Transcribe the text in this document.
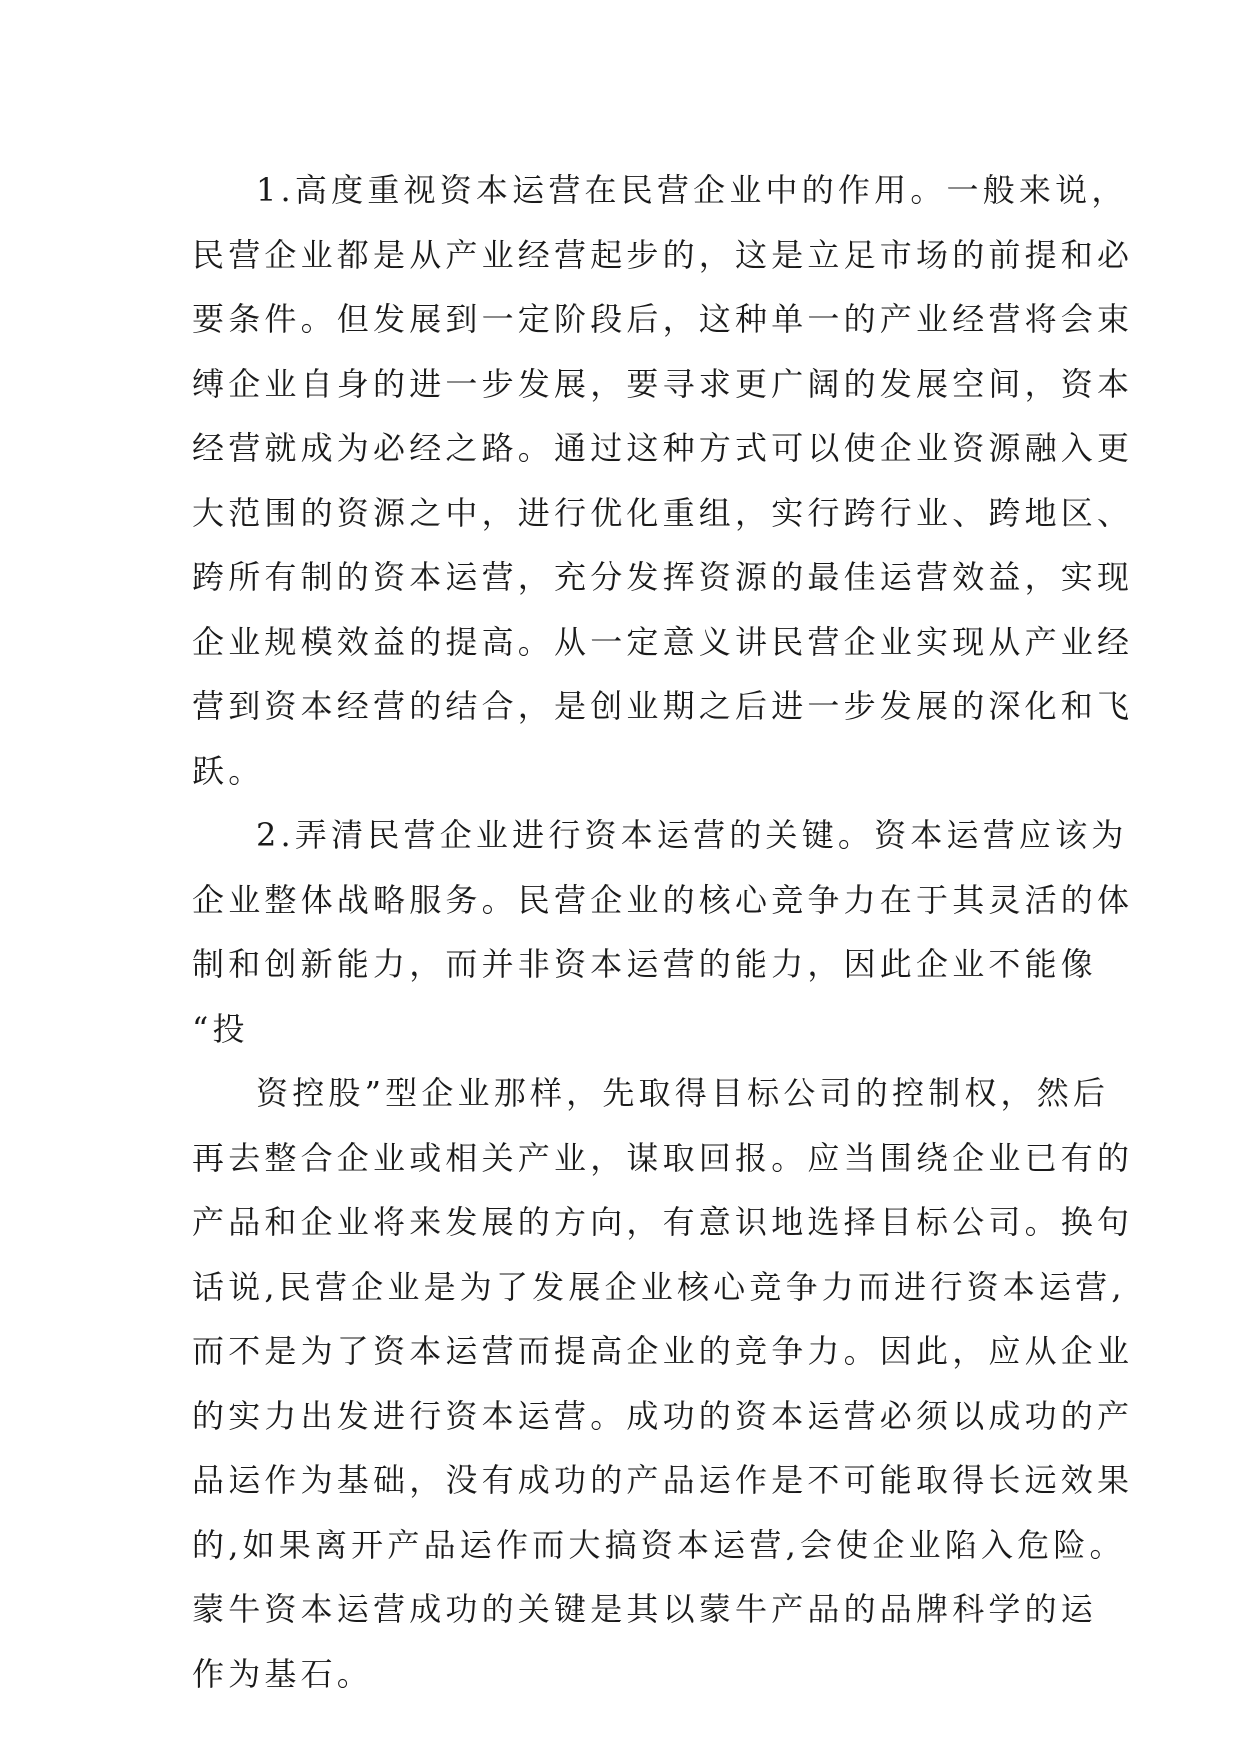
1.高度重视资本运营在民营企业中的作用。一般来说，
民营企业都是从产业经营起步的，这是立足市场的前提和必
要条件。但发展到一定阶段后，这种单一的产业经营将会束
缚企业自身的进一步发展，要寻求更广阔的发展空间，资本
经营就成为必经之路。通过这种方式可以使企业资源融入更
大范围的资源之中，进行优化重组，实行跨行业、跨地区、
跨所有制的资本运营，充分发挥资源的最佳运营效益，实现
企业规模效益的提高。从一定意义讲民营企业实现从产业经
营到资本经营的结合，是创业期之后进一步发展的深化和飞
跃。
2.弄清民营企业进行资本运营的关键。资本运营应该为
企业整体战略服务。民营企业的核心竞争力在于其灵活的体
制和创新能力，而并非资本运营的能力，因此企业不能像
“投
资控股”型企业那样，先取得目标公司的控制权，然后
再去整合企业或相关产业，谋取回报。应当围绕企业已有的
产品和企业将来发展的方向，有意识地选择目标公司。换句
话说,民营企业是为了发展企业核心竞争力而进行资本运营,
而不是为了资本运营而提高企业的竞争力。因此，应从企业
的实力出发进行资本运营。成功的资本运营必须以成功的产
品运作为基础，没有成功的产品运作是不可能取得长远效果
的,如果离开产品运作而大搞资本运营,会使企业陷入危险。
蒙牛资本运营成功的关键是其以蒙牛产品的品牌科学的运
作为基石。
